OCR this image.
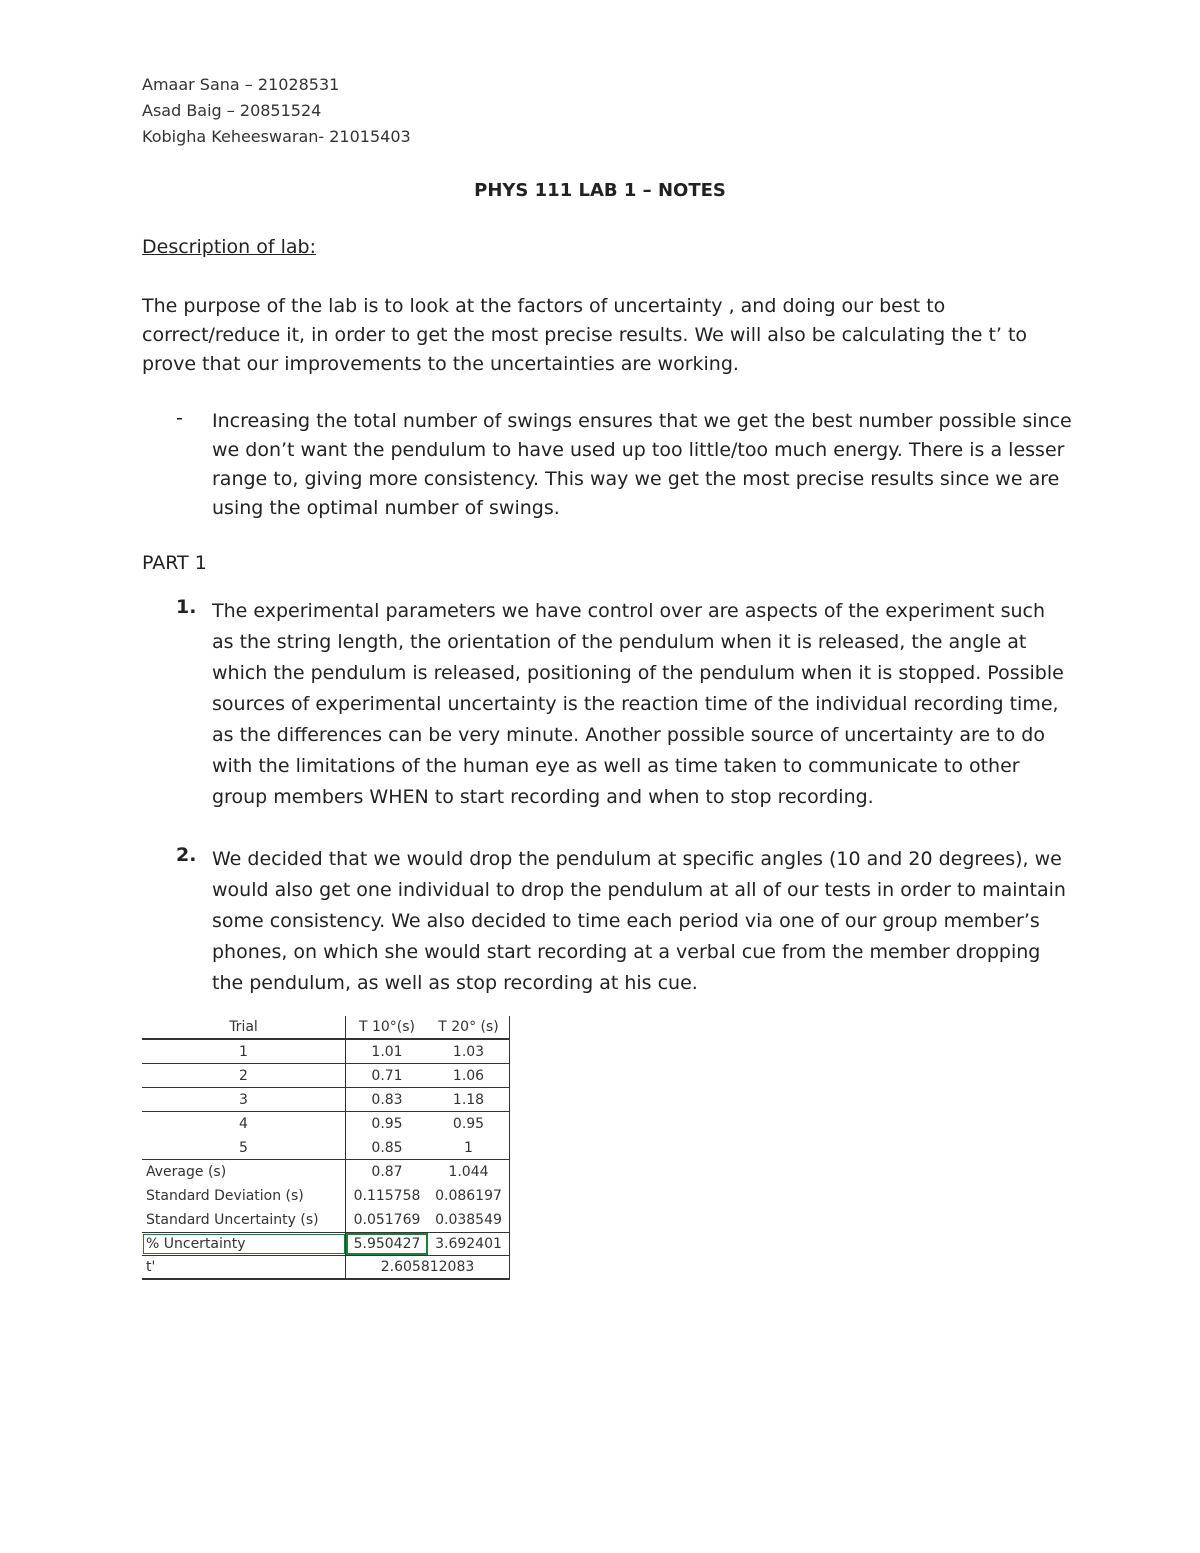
Amaar Sana – 21028531
Asad Baig – 20851524
Kobigha Keheeswaran- 21015403
PHYS 111 LAB 1 – NOTES
Description of lab:
The purpose of the lab is to look at the factors of uncertainty , and doing our best to correct/reduce it, in order to get the most precise results. We will also be calculating the t’ to prove that our improvements to the uncertainties are working.
- Increasing the total number of swings ensures that we get the best number possible since we don’t want the pendulum to have used up too little/too much energy. There is a lesser range to, giving more consistency. This way we get the most precise results since we are using the optimal number of swings.
PART 1
1. The experimental parameters we have control over are aspects of the experiment such as the string length, the orientation of the pendulum when it is released, the angle at which the pendulum is released, positioning of the pendulum when it is stopped. Possible sources of experimental uncertainty is the reaction time of the individual recording time, as the differences can be very minute. Another possible source of uncertainty are to do with the limitations of the human eye as well as time taken to communicate to other group members WHEN to start recording and when to stop recording.
2. We decided that we would drop the pendulum at specific angles (10 and 20 degrees), we would also get one individual to drop the pendulum at all of our tests in order to maintain some consistency. We also decided to time each period via one of our group member’s phones, on which she would start recording at a verbal cue from the member dropping the pendulum, as well as stop recording at his cue.
Trial	T 10°(s)	T 20° (s)
1	1.01	1.03
2	0.71	1.06
3	0.83	1.18
4	0.95	0.95
5	0.85	1
Average (s)	0.87	1.044
Standard Deviation (s)	0.115758	0.086197
Standard Uncertainty (s)	0.051769	0.038549
% Uncertainty	5.950427	3.692401
t'	2.605812083
